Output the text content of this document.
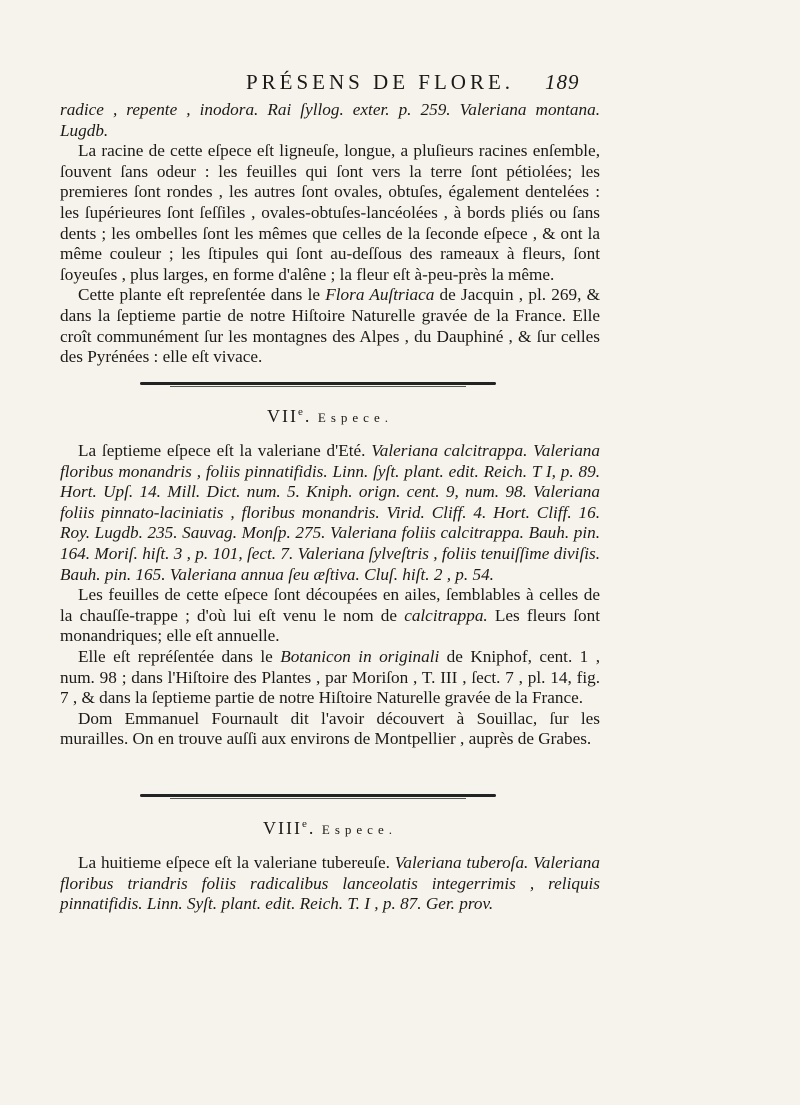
PRÉSENS DE FLORE.	189

radice , repente , inodora. Rai ſyllog. exter. p. 259. Valeriana montana. Lugdb.

La racine de cette eſpece eſt ligneuſe, longue, a pluſieurs racines enſemble, ſouvent ſans odeur : les feuilles qui ſont vers la terre ſont pétiolées; les premieres ſont rondes , les autres ſont ovales, obtuſes, également dentelées : les ſupérieures ſont ſeſſiles , ovales-obtuſes-lancéolées , à bords pliés ou ſans dents ; les ombelles ſont les mêmes que celles de la ſeconde eſpece , & ont la même couleur ; les ſtipules qui ſont au-deſſous des rameaux à fleurs, ſont ſoyeuſes , plus larges, en forme d'alêne ; la fleur eſt à-peu-près la même.

Cette plante eſt repreſentée dans le Flora Auſtriaca de Jacquin , pl. 269, & dans la ſeptieme partie de notre Hiſtoire Naturelle gravée de la France. Elle croît communément ſur les montagnes des Alpes , du Dauphiné , & ſur celles des Pyrénées : elle eſt vivace.

VIIe. Espece.

La ſeptieme eſpece eſt la valeriane d'Eté. Valeriana calcitrappa. Valeriana floribus monandris , foliis pinnatifidis. Linn. ſyſt. plant. edit. Reich. T I, p. 89. Hort. Upſ. 14. Mill. Dict. num. 5. Kniph. orign. cent. 9, num. 98. Valeriana foliis pinnato-laciniatis , floribus monandris. Virid. Cliff. 4. Hort. Cliff. 16. Roy. Lugdb. 235. Sauvag. Monſp. 275. Valeriana foliis calcitrappa. Bauh. pin. 164. Moriſ. hiſt. 3 , p. 101, ſect. 7. Valeriana ſylveſtris , foliis tenuiſſime diviſis. Bauh. pin. 165. Valeriana annua ſeu æſtiva. Cluſ. hiſt. 2 , p. 54.

Les feuilles de cette eſpece ſont découpées en ailes, ſemblables à celles de la chauſſe-trappe ; d'où lui eſt venu le nom de calcitrappa. Les fleurs ſont monandriques; elle eſt annuelle.

Elle eſt repréſentée dans le Botanicon in originali de Kniphof, cent. 1 , num. 98 ; dans l'Hiſtoire des Plantes , par Moriſon , T. III , ſect. 7 , pl. 14, fig. 7 , & dans la ſeptieme partie de notre Hiſtoire Naturelle gravée de la France.

Dom Emmanuel Fournault dit l'avoir découvert à Souillac, ſur les murailles. On en trouve auſſi aux environs de Montpellier , auprès de Grabes.

VIIIe. Espece.

La huitieme eſpece eſt la valeriane tubereuſe. Valeriana tuberoſa. Valeriana floribus triandris foliis radicalibus lanceolatis integerrimis , reliquis pinnatifidis. Linn. Syſt. plant. edit. Reich. T. I , p. 87. Ger. prov.
